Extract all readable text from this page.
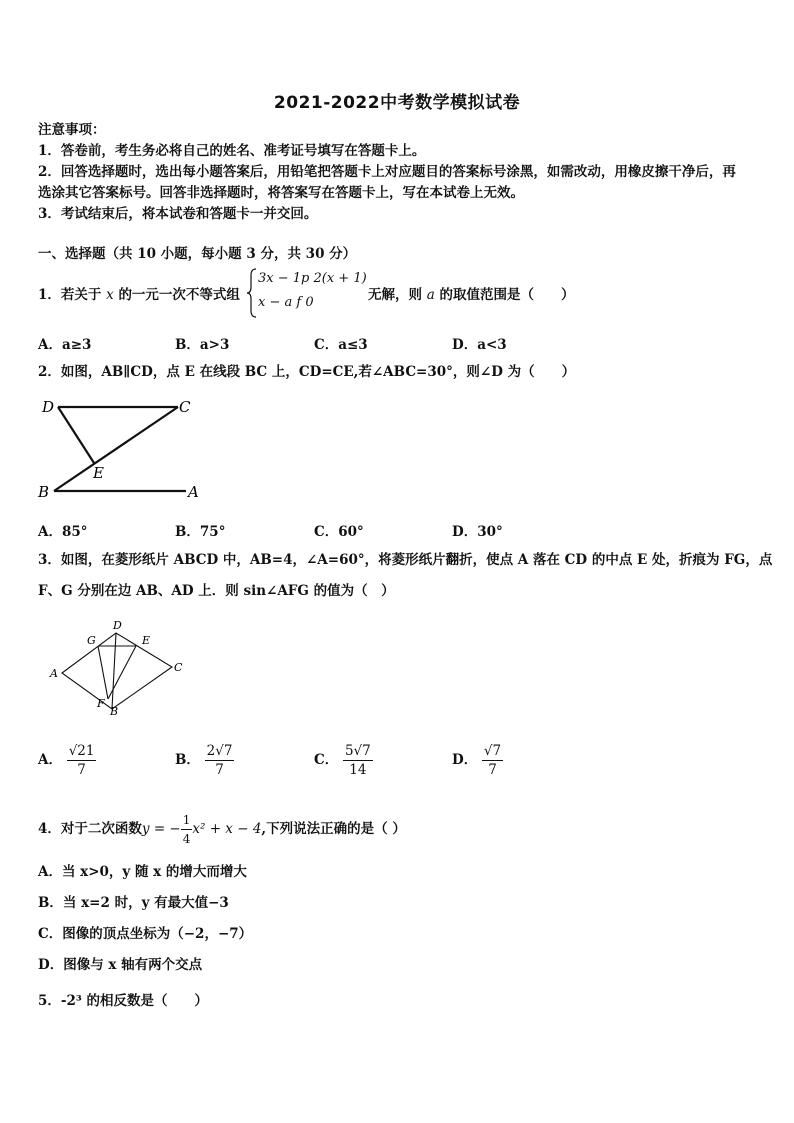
2021-2022中考数学模拟试卷
注意事项：
1．答卷前，考生务必将自己的姓名、准考证号填写在答题卡上。
2．回答选择题时，选出每小题答案后，用铅笔把答题卡上对应题目的答案标号涂黑，如需改动，用橡皮擦干净后，再
选涂其它答案标号。回答非选择题时，将答案写在答题卡上，写在本试卷上无效。
3．考试结束后，将本试卷和答题卡一并交回。
一、选择题（共 10 小题，每小题 3 分，共 30 分）
1．若关于 x 的一元一次不等式组
3x − 1p 2(x + 1)
x − a f 0	无解，则 a 的取值范围是（　　）
A．a≥3	B．a>3	C．a≤3	D．a<3
2．如图，AB∥CD，点 E 在线段 BC 上，CD=CE,若∠ABC=30°，则∠D 为（　　）
D	C
E
B	A
A．85°	B．75°	C．60°	D．30°
3．如图，在菱形纸片 ABCD 中，AB=4，∠A=60°，将菱形纸片翻折，使点 A 落在 CD 的中点 E 处，折痕为 FG，点
F、G 分别在边 AB、AD 上．则 sin∠AFG 的值为（　）
D
G	E
A	C
F
B
A． $\frac{√21}{7}$	B． $\frac{2√7}{7}$	C． $\frac{5√7}{14}$	D． $\frac{√7}{7}$
4．对于二次函数y = − $\frac{1}{4} x^2 + x - 4$,下列说法正确的是（ ）
A．当 x>0，y 随 x 的增大而增大
B．当 x=2 时，y 有最大值−3
C．图像的顶点坐标为（−2，−7）
D．图像与 x 轴有两个交点
5．-2³ 的相反数是（　　）
